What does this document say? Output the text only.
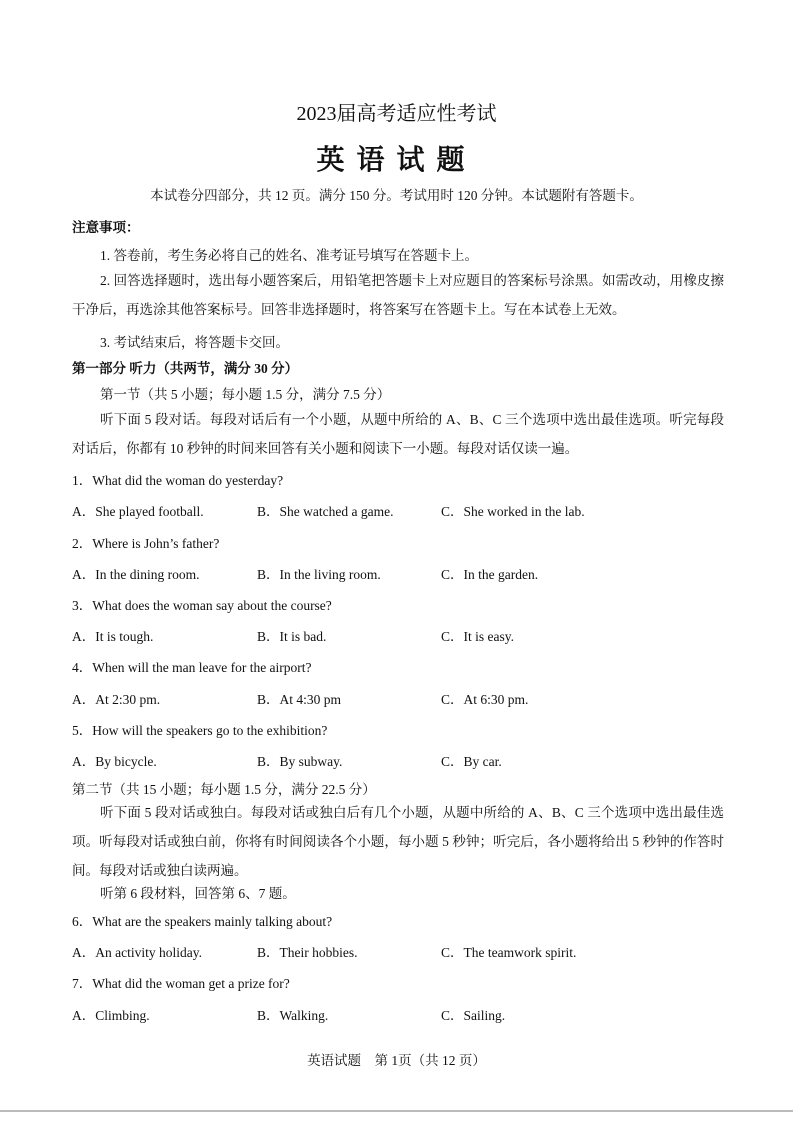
2023届高考适应性考试
英语试题
本试卷分四部分，共 12 页。满分 150 分。考试用时 120 分钟。本试题附有答题卡。
注意事项：
1. 答卷前，考生务必将自己的姓名、准考证号填写在答题卡上。
2. 回答选择题时，选出每小题答案后，用铅笔把答题卡上对应题目的答案标号涂黑。如需改动，用橡皮擦干净后，再选涂其他答案标号。回答非选择题时，将答案写在答题卡上。写在本试卷上无效。
3. 考试结束后，将答题卡交回。
第一部分 听力（共两节，满分 30 分）
第一节（共 5 小题；每小题 1.5 分，满分 7.5 分）
听下面 5 段对话。每段对话后有一个小题，从题中所给的 A、B、C 三个选项中选出最佳选项。听完每段对话后，你都有 10 秒钟的时间来回答有关小题和阅读下一小题。每段对话仅读一遍。
1．What did the woman do yesterday?
A．She played football.	B．She watched a game.	C．She worked in the lab.
2．Where is John’s father?
A．In the dining room.	B．In the living room.	C．In the garden.
3．What does the woman say about the course?
A．It is tough.	B．It is bad.	C．It is easy.
4．When will the man leave for the airport?
A．At 2:30 pm.	B．At 4:30 pm	C．At 6:30 pm.
5．How will the speakers go to the exhibition?
A．By bicycle.	B．By subway.	C．By car.
第二节（共 15 小题；每小题 1.5 分，满分 22.5 分）
听下面 5 段对话或独白。每段对话或独白后有几个小题，从题中所给的 A、B、C 三个选项中选出最佳选项。听每段对话或独白前，你将有时间阅读各个小题，每小题 5 秒钟；听完后，各小题将给出 5 秒钟的作答时间。每段对话或独白读两遍。
听第 6 段材料，回答第 6、7 题。
6．What are the speakers mainly talking about?
A．An activity holiday.	B．Their hobbies.	C．The teamwork spirit.
7．What did the woman get a prize for?
A．Climbing.	B．Walking.	C．Sailing.
英语试题　第 1页（共 12 页）
